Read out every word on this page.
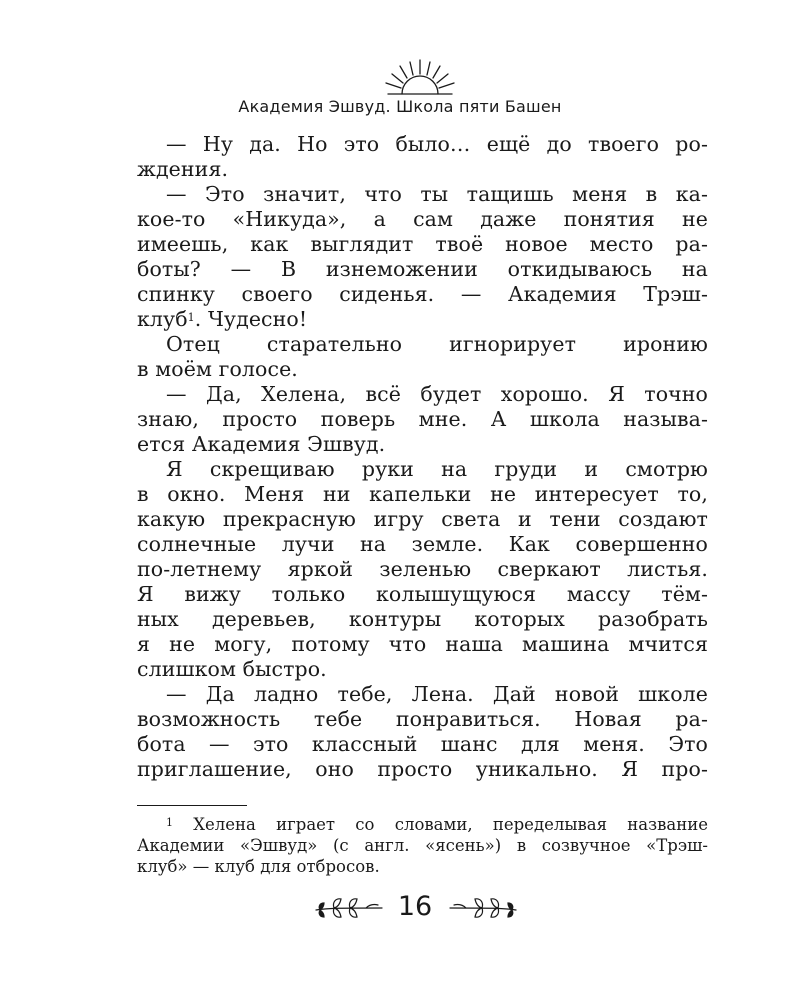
Академия Эшвуд. Школа пяти Башен
— Ну да. Но это было… ещё до твоего ро-
ждения.
— Это значит, что ты тащишь меня в ка-
кое-то «Никуда», а сам даже понятия не
имеешь, как выглядит твоё новое место ра-
боты? — В изнеможении откидываюсь на
спинку своего сиденья. — Академия Трэш-
клуб$^1$. Чудесно!
Отец старательно игнорирует иронию
в моём голосе.
— Да, Хелена, всё будет хорошо. Я точно
знаю, просто поверь мне. А школа называ-
ется Академия Эшвуд.
Я скрещиваю руки на груди и смотрю
в окно. Меня ни капельки не интересует то,
какую прекрасную игру света и тени создают
солнечные лучи на земле. Как совершенно
по-летнему яркой зеленью сверкают листья.
Я вижу только колышущуюся массу тём-
ных деревьев, контуры которых разобрать
я не могу, потому что наша машина мчится
слишком быстро.
— Да ладно тебе, Лена. Дай новой школе
возможность тебе понравиться. Новая ра-
бота — это классный шанс для меня. Это
приглашение, оно просто уникально. Я про-
$^1$ Хелена играет со словами, переделывая название
Академии «Эшвуд» (с англ. «ясень») в созвучное «Трэш-
клуб» — клуб для отбросов.
16
